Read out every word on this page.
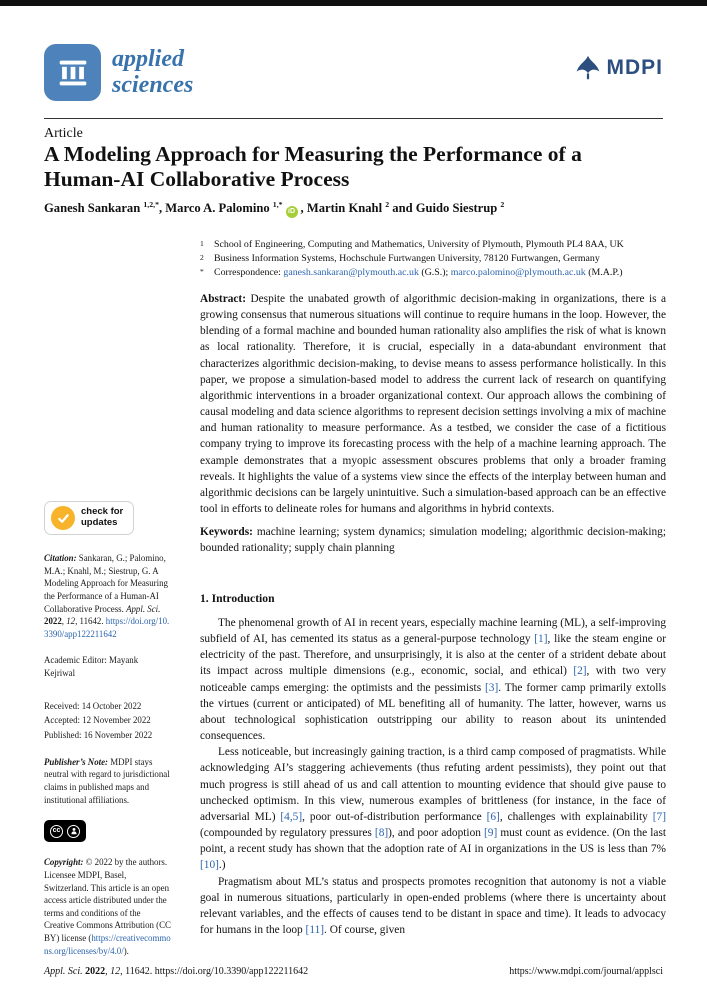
applied
sciences
MDPI
Article
A Modeling Approach for Measuring the Performance of a Human-AI Collaborative Process

Ganesh Sankaran $^{1,2,*}$, Marco A. Palomino $^{1,*}$iD , Martin Knahl $^2$ and Guido Siestrup $^2$

1	School of Engineering, Computing and Mathematics, University of Plymouth, Plymouth PL4 8AA, UK
2	Business Information Systems, Hochschule Furtwangen University, 78120 Furtwangen, Germany
*	Correspondence: ganesh.sankaran@plymouth.ac.uk (G.S.); marco.palomino@plymouth.ac.uk (M.A.P.)

Abstract: Despite the unabated growth of algorithmic decision-making in organizations, there is a growing consensus that numerous situations will continue to require humans in the loop. However, the blending of a formal machine and bounded human rationality also amplifies the risk of what is known as local rationality. Therefore, it is crucial, especially in a data-abundant environment that characterizes algorithmic decision-making, to devise means to assess performance holistically. In this paper, we propose a simulation-based model to address the current lack of research on quantifying algorithmic interventions in a broader organizational context. Our approach allows the combining of causal modeling and data science algorithms to represent decision settings involving a mix of machine and human rationality to measure performance. As a testbed, we consider the case of a fictitious company trying to improve its forecasting process with the help of a machine learning approach. The example demonstrates that a myopic assessment obscures problems that only a broader framing reveals. It highlights the value of a systems view since the effects of the interplay between human and algorithmic decisions can be largely unintuitive. Such a simulation-based approach can be an effective tool in efforts to delineate roles for humans and algorithms in hybrid contexts.

Keywords: machine learning; system dynamics; simulation modeling; algorithmic decision-making; bounded rationality; supply chain planning

check for
updates

Citation: Sankaran, G.; Palomino, M.A.; Knahl, M.; Siestrup, G. A Modeling Approach for Measuring the Performance of a Human-AI Collaborative Process. Appl. Sci. 2022, 12, 11642. https://doi.org/10.3390/app122211642

Academic Editor: Mayank Kejriwal

Received: 14 October 2022
Accepted: 12 November 2022
Published: 16 November 2022

Publisher’s Note: MDPI stays neutral with regard to jurisdictional claims in published maps and institutional affiliations.

cc

Copyright: © 2022 by the authors. Licensee MDPI, Basel, Switzerland. This article is an open access article distributed under the terms and conditions of the Creative Commons Attribution (CC BY) license (https://creativecommons.org/licenses/by/4.0/).

1. Introduction

The phenomenal growth of AI in recent years, especially machine learning (ML), a self-improving subfield of AI, has cemented its status as a general-purpose technology [1], like the steam engine or electricity of the past. Therefore, and unsurprisingly, it is also at the center of a strident debate about its impact across multiple dimensions (e.g., economic, social, and ethical) [2], with two very noticeable camps emerging: the optimists and the pessimists [3]. The former camp primarily extolls the virtues (current or anticipated) of ML benefiting all of humanity. The latter, however, warns us about technological sophistication outstripping our ability to reason about its unintended consequences.

Less noticeable, but increasingly gaining traction, is a third camp composed of pragmatists. While acknowledging AI’s staggering achievements (thus refuting ardent pessimists), they point out that much progress is still ahead of us and call attention to mounting evidence that should give pause to unchecked optimism. In this view, numerous examples of brittleness (for instance, in the face of adversarial ML) [4,5], poor out-of-distribution performance [6], challenges with explainability [7] (compounded by regulatory pressures [8]), and poor adoption [9] must count as evidence. (On the last point, a recent study has shown that the adoption rate of AI in organizations in the US is less than 7% [10].)

Pragmatism about ML’s status and prospects promotes recognition that autonomy is not a viable goal in numerous situations, particularly in open-ended problems (where there is uncertainty about relevant variables, and the effects of causes tend to be distant in space and time). It leads to advocacy for humans in the loop [11]. Of course, given

Appl. Sci. 2022, 12, 11642. https://doi.org/10.3390/app122211642	https://www.mdpi.com/journal/applsci
